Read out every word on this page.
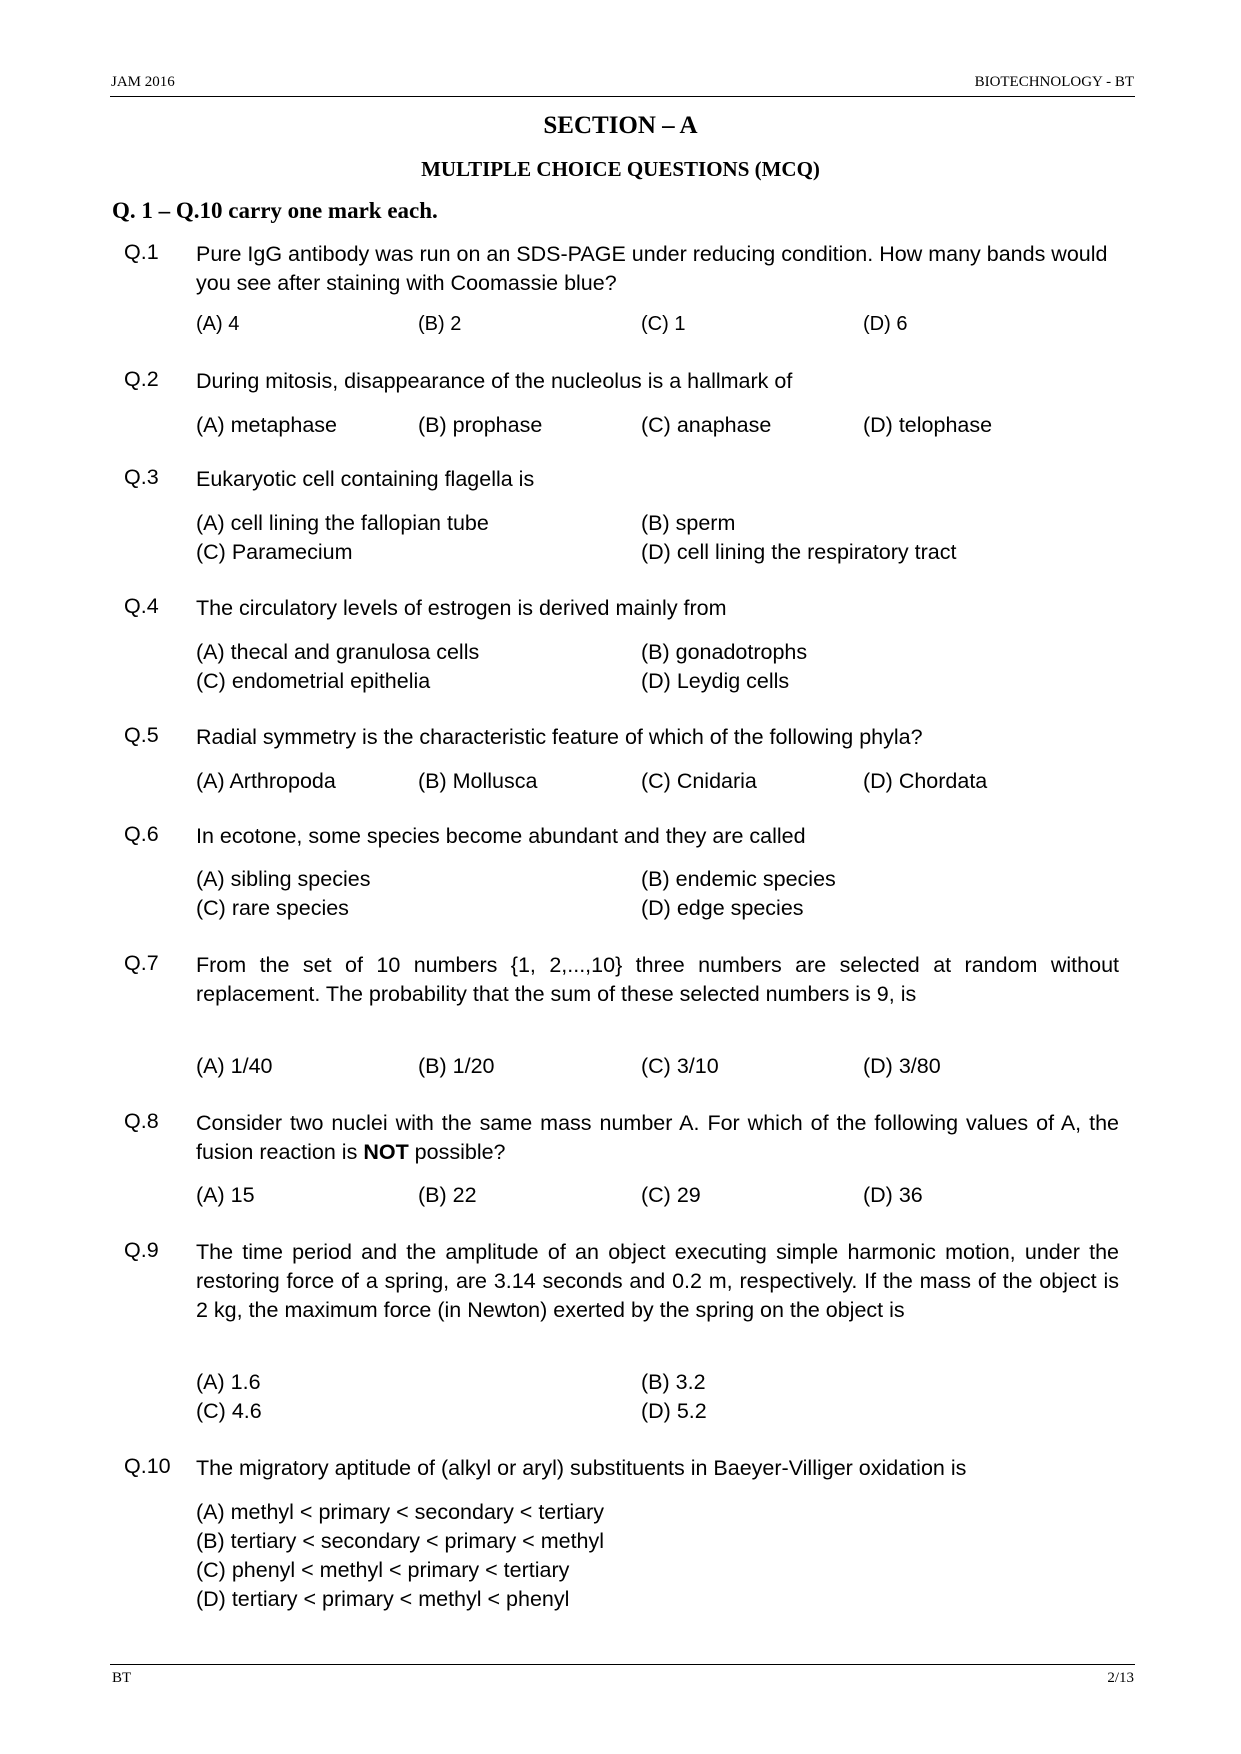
JAM 2016	BIOTECHNOLOGY - BT
SECTION – A
MULTIPLE CHOICE QUESTIONS (MCQ)
Q. 1 – Q.10 carry one mark each.
Q.1 Pure IgG antibody was run on an SDS-PAGE under reducing condition. How many bands would you see after staining with Coomassie blue?
(A) 4	(B) 2	(C) 1	(D) 6
Q.2 During mitosis, disappearance of the nucleolus is a hallmark of
(A) metaphase	(B) prophase	(C) anaphase	(D) telophase
Q.3 Eukaryotic cell containing flagella is
(A) cell lining the fallopian tube	(B) sperm
(C) Paramecium	(D) cell lining the respiratory tract
Q.4 The circulatory levels of estrogen is derived mainly from
(A) thecal and granulosa cells	(B) gonadotrophs
(C) endometrial epithelia	(D) Leydig cells
Q.5 Radial symmetry is the characteristic feature of which of the following phyla?
(A) Arthropoda	(B) Mollusca	(C) Cnidaria	(D) Chordata
Q.6 In ecotone, some species become abundant and they are called
(A) sibling species	(B) endemic species
(C) rare species	(D) edge species
Q.7 From the set of 10 numbers {1, 2,...,10} three numbers are selected at random without replacement. The probability that the sum of these selected numbers is 9, is
(A) 1/40	(B) 1/20	(C) 3/10	(D) 3/80
Q.8 Consider two nuclei with the same mass number A. For which of the following values of A, the fusion reaction is NOT possible?
(A) 15	(B) 22	(C) 29	(D) 36
Q.9 The time period and the amplitude of an object executing simple harmonic motion, under the restoring force of a spring, are 3.14 seconds and 0.2 m, respectively. If the mass of the object is 2 kg, the maximum force (in Newton) exerted by the spring on the object is
(A) 1.6	(B) 3.2
(C) 4.6	(D) 5.2
Q.10 The migratory aptitude of (alkyl or aryl) substituents in Baeyer-Villiger oxidation is
(A) methyl < primary < secondary < tertiary
(B) tertiary < secondary < primary < methyl
(C) phenyl < methyl < primary < tertiary
(D) tertiary < primary < methyl < phenyl
BT	2/13
